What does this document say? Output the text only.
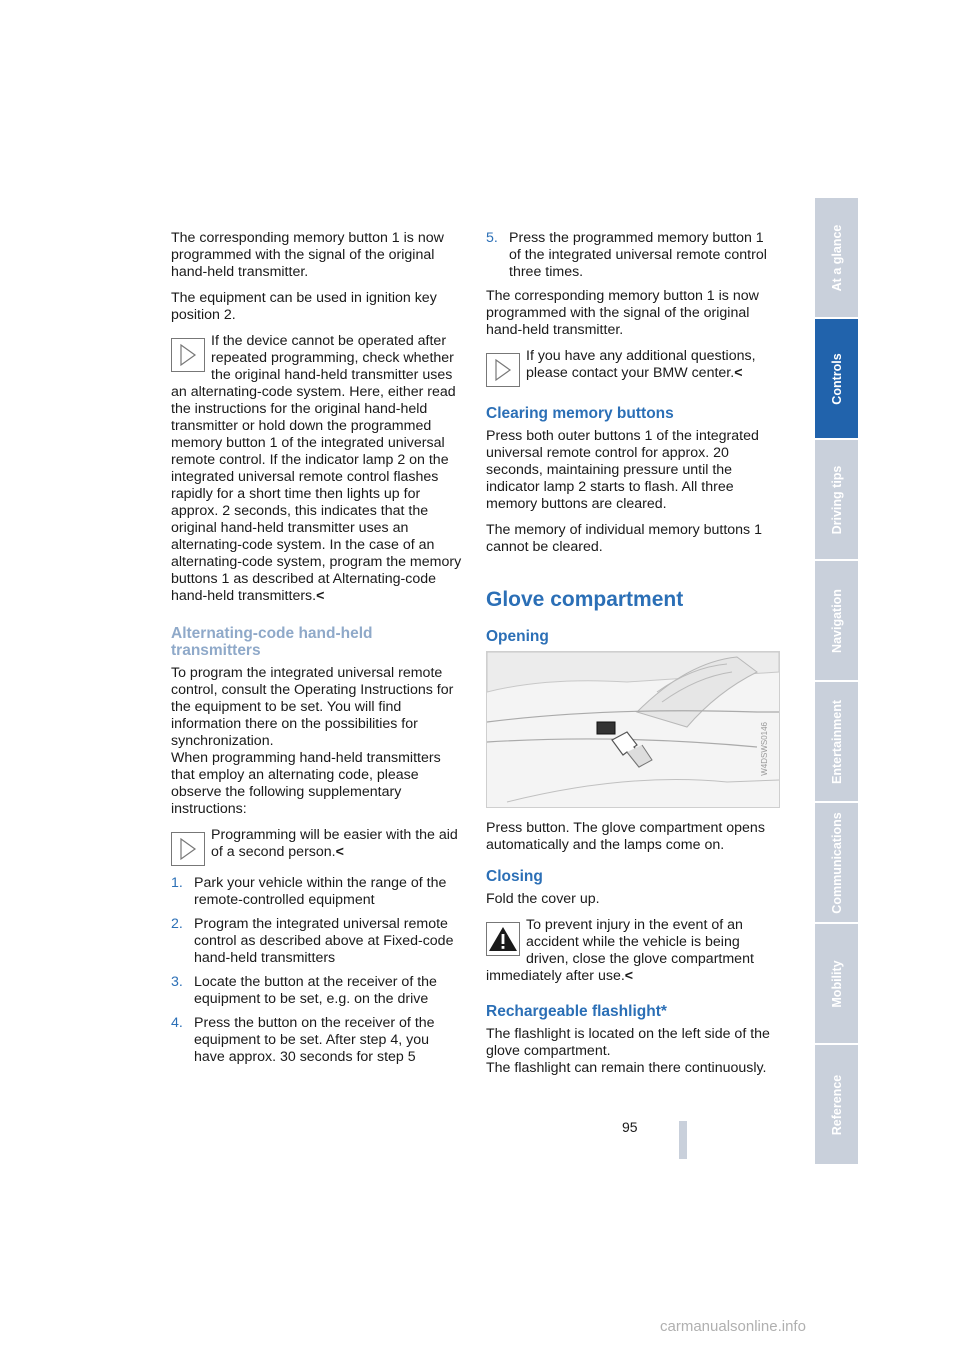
The corresponding memory button 1 is now programmed with the signal of the original hand-held transmitter.

The equipment can be used in ignition key position 2.

If the device cannot be operated after repeated programming, check whether the original hand-held transmitter uses an alternating-code system. Here, either read the instructions for the original hand-held transmitter or hold down the programmed memory button 1 of the integrated universal remote control. If the indicator lamp 2 on the integrated universal remote control flashes rapidly for a short time then lights up for approx. 2 seconds, this indicates that the original hand-held transmitter uses an alternating-code system. In the case of an alternating-code system, program the memory buttons 1 as described at Alternating-code hand-held transmitters.<
Alternating-code hand-held transmitters

To program the integrated universal remote control, consult the Operating Instructions for the equipment to be set. You will find information there on the possibilities for synchronization.

When programming hand-held transmitters that employ an alternating code, please observe the following supplementary instructions:

Programming will be easier with the aid of a second person.<
1. Park your vehicle within the range of the remote-controlled equipment
2. Program the integrated universal remote control as described above at Fixed-code hand-held transmitters
3. Locate the button at the receiver of the equipment to be set, e.g. on the drive
4. Press the button on the receiver of the equipment to be set. After step 4, you have approx. 30 seconds for step 5
5. Press the programmed memory button 1 of the integrated universal remote control three times.

The corresponding memory button 1 is now programmed with the signal of the original hand-held transmitter.

If you have any additional questions, please contact your BMW center.<
Clearing memory buttons

Press both outer buttons 1 of the integrated universal remote control for approx. 20 seconds, maintaining pressure until the indicator lamp 2 starts to flash. All three memory buttons are cleared.

The memory of individual memory buttons 1 cannot be cleared.

Glove compartment
Opening
W4DSWS0146

Press button. The glove compartment opens automatically and the lamps come on.

Closing

Fold the cover up.

To prevent injury in the event of an accident while the vehicle is being driven, close the glove compartment immediately after use.<
Rechargeable flashlight*

The flashlight is located on the left side of the glove compartment.

The flashlight can remain there continuously.

At a glance
Controls
Driving tips
Navigation
Entertainment
Communications
Mobility
Reference
95
carmanualsonline.info
